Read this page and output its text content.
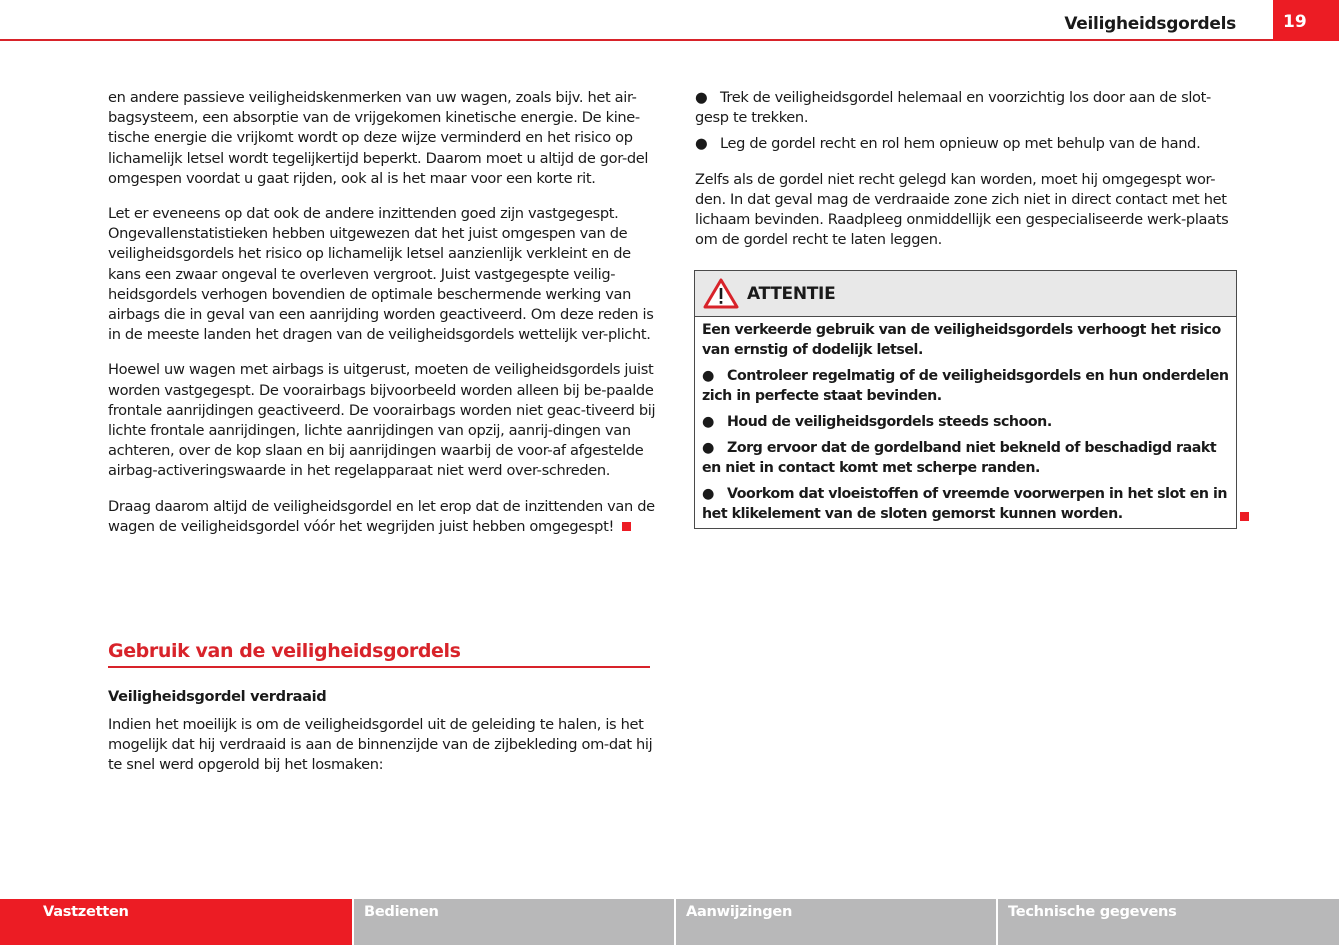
Veiligheidsgordels	19

en andere passieve veiligheidskenmerken van uw wagen, zoals bijv. het air-bagsysteem, een absorptie van de vrijgekomen kinetische energie. De kine-tische energie die vrijkomt wordt op deze wijze verminderd en het risico op lichamelijk letsel wordt tegelijkertijd beperkt. Daarom moet u altijd de gor-del omgespen voordat u gaat rijden, ook al is het maar voor een korte rit.

Let er eveneens op dat ook de andere inzittenden goed zijn vastgegespt. Ongevallenstatistieken hebben uitgewezen dat het juist omgespen van de veiligheidsgordels het risico op lichamelijk letsel aanzienlijk verkleint en de kans een zwaar ongeval te overleven vergroot. Juist vastgegespte veilig-heidsgordels verhogen bovendien de optimale beschermende werking van airbags die in geval van een aanrijding worden geactiveerd. Om deze reden is in de meeste landen het dragen van de veiligheidsgordels wettelijk ver-plicht.

Hoewel uw wagen met airbags is uitgerust, moeten de veiligheidsgordels juist worden vastgegespt. De voorairbags bijvoorbeeld worden alleen bij be-paalde frontale aanrijdingen geactiveerd. De voorairbags worden niet geac-tiveerd bij lichte frontale aanrijdingen, lichte aanrijdingen van opzij, aanrij-dingen van achteren, over de kop slaan en bij aanrijdingen waarbij de voor-af afgestelde airbag-activeringswaarde in het regelapparaat niet werd over-schreden.

Draag daarom altijd de veiligheidsgordel en let erop dat de inzittenden van de wagen de veiligheidsgordel vóór het wegrijden juist hebben omgegespt!

Gebruik van de veiligheidsgordels
Veiligheidsgordel verdraaid
Indien het moeilijk is om de veiligheidsgordel uit de geleiding te halen, is het mogelijk dat hij verdraaid is aan de binnenzijde van de zijbekleding om-dat hij te snel werd opgerold bij het losmaken:

● Trek de veiligheidsgordel helemaal en voorzichtig los door aan de slot-gesp te trekken.

● Leg de gordel recht en rol hem opnieuw op met behulp van de hand.

Zelfs als de gordel niet recht gelegd kan worden, moet hij omgegespt wor-den. In dat geval mag de verdraaide zone zich niet in direct contact met het lichaam bevinden. Raadpleeg onmiddellijk een gespecialiseerde werk-plaats om de gordel recht te laten leggen.

ATTENTIE

Een verkeerde gebruik van de veiligheidsgordels verhoogt het risico van ernstig of dodelijk letsel.

● Controleer regelmatig of de veiligheidsgordels en hun onderdelen zich in perfecte staat bevinden.

● Houd de veiligheidsgordels steeds schoon.

● Zorg ervoor dat de gordelband niet bekneld of beschadigd raakt en niet in contact komt met scherpe randen.

● Voorkom dat vloeistoffen of vreemde voorwerpen in het slot en in het klikelement van de sloten gemorst kunnen worden.

Vastzetten	Bedienen	Aanwijzingen	Technische gegevens
